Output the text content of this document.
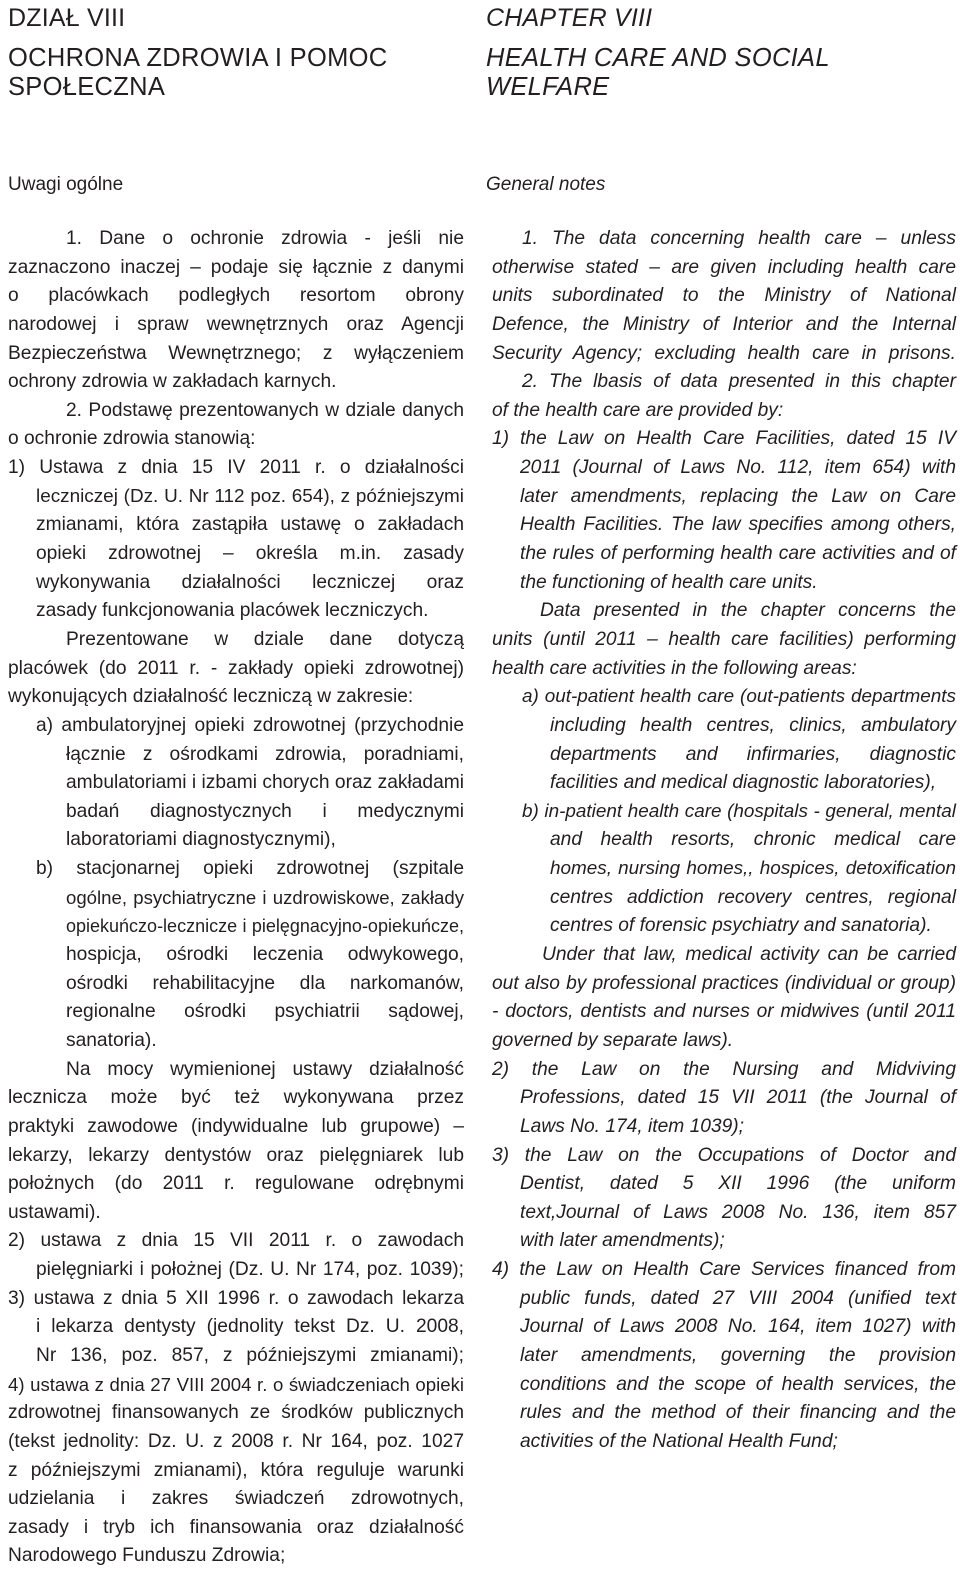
DZIAŁ VIII
OCHRONA ZDROWIA I POMOC
SPOŁECZNA
Uwagi ogólne
1. Dane o ochronie zdrowia - jeśli nie
zaznaczono inaczej – podaje się łącznie z danymi
o placówkach podległych resortom obrony
narodowej i spraw wewnętrznych oraz Agencji
Bezpieczeństwa Wewnętrznego; z wyłączeniem
ochrony zdrowia w zakładach karnych.
2. Podstawę prezentowanych w dziale danych
o ochronie zdrowia stanowią:
1) Ustawa z dnia 15 IV 2011 r. o działalności
leczniczej (Dz. U. Nr 112 poz. 654), z późniejszymi
zmianami, która zastąpiła ustawę o zakładach
opieki zdrowotnej – określa m.in. zasady
wykonywania działalności leczniczej oraz
zasady funkcjonowania placówek leczniczych.
Prezentowane w dziale dane dotyczą
placówek (do 2011 r. - zakłady opieki zdrowotnej)
wykonujących działalność leczniczą w zakresie:
a) ambulatoryjnej opieki zdrowotnej (przychodnie
łącznie z ośrodkami zdrowia, poradniami,
ambulatoriami i izbami chorych oraz zakładami
badań diagnostycznych i medycznymi
laboratoriami diagnostycznymi),
b) stacjonarnej opieki zdrowotnej (szpitale
ogólne, psychiatryczne i uzdrowiskowe, zakłady
opiekuńczo-lecznicze i pielęgnacyjno-opiekuńcze,
hospicja, ośrodki leczenia odwykowego,
ośrodki rehabilitacyjne dla narkomanów,
regionalne ośrodki psychiatrii sądowej,
sanatoria).
Na mocy wymienionej ustawy działalność
lecznicza może być też wykonywana przez
praktyki zawodowe (indywidualne lub grupowe) –
lekarzy, lekarzy dentystów oraz pielęgniarek lub
położnych (do 2011 r. regulowane odrębnymi
ustawami).
2) ustawa z dnia 15 VII 2011 r. o zawodach
pielęgniarki i położnej (Dz. U. Nr 174, poz. 1039);
3) ustawa z dnia 5 XII 1996 r. o zawodach lekarza
i lekarza dentysty (jednolity tekst Dz. U. 2008,
Nr 136, poz. 857, z późniejszymi zmianami);
4) ustawa z dnia 27 VIII 2004 r. o świadczeniach opieki
zdrowotnej finansowanych ze środków publicznych
(tekst jednolity: Dz. U. z 2008 r. Nr 164, poz. 1027
z późniejszymi zmianami), która reguluje warunki
udzielania i zakres świadczeń zdrowotnych,
zasady i tryb ich finansowania oraz działalność
Narodowego Funduszu Zdrowia;
CHAPTER VIII
HEALTH CARE AND SOCIAL
WELFARE
General notes
1. The data concerning health care – unless
otherwise stated – are given including health care
units subordinated to the Ministry of National
Defence, the Ministry of Interior and the Internal
Security Agency; excluding health care in prisons.
2. The lbasis of data presented in this chapter
of the health care are provided by:
1) the Law on Health Care Facilities, dated 15 IV
2011 (Journal of Laws No. 112, item 654) with
later amendments, replacing the Law on Care
Health Facilities. The law specifies among others,
the rules of performing health care activities and of
the functioning of health care units.
Data presented in the chapter concerns the
units (until 2011 – health care facilities) performing
health care activities in the following areas:
a) out-patient health care (out-patients departments
including health centres, clinics, ambulatory
departments and infirmaries, diagnostic
facilities and medical diagnostic laboratories),
b) in-patient health care (hospitals - general, mental
and health resorts, chronic medical care
homes, nursing homes,, hospices, detoxification
centres addiction recovery centres, regional
centres of forensic psychiatry and sanatoria).
Under that law, medical activity can be carried
out also by professional practices (individual or group)
- doctors, dentists and nurses or midwives (until 2011
governed by separate laws).
2) the Law on the Nursing and Midviving
Professions, dated 15 VII 2011 (the Journal of
Laws No. 174, item 1039);
3) the Law on the Occupations of Doctor and
Dentist, dated 5 XII 1996 (the uniform
text,Journal of Laws 2008 No. 136, item 857
with later amendments);
4) the Law on Health Care Services financed from
public funds, dated 27 VIII 2004 (unified text
Journal of Laws 2008 No. 164, item 1027) with
later amendments, governing the provision
conditions and the scope of health services, the
rules and the method of their financing and the
activities of the National Health Fund;
